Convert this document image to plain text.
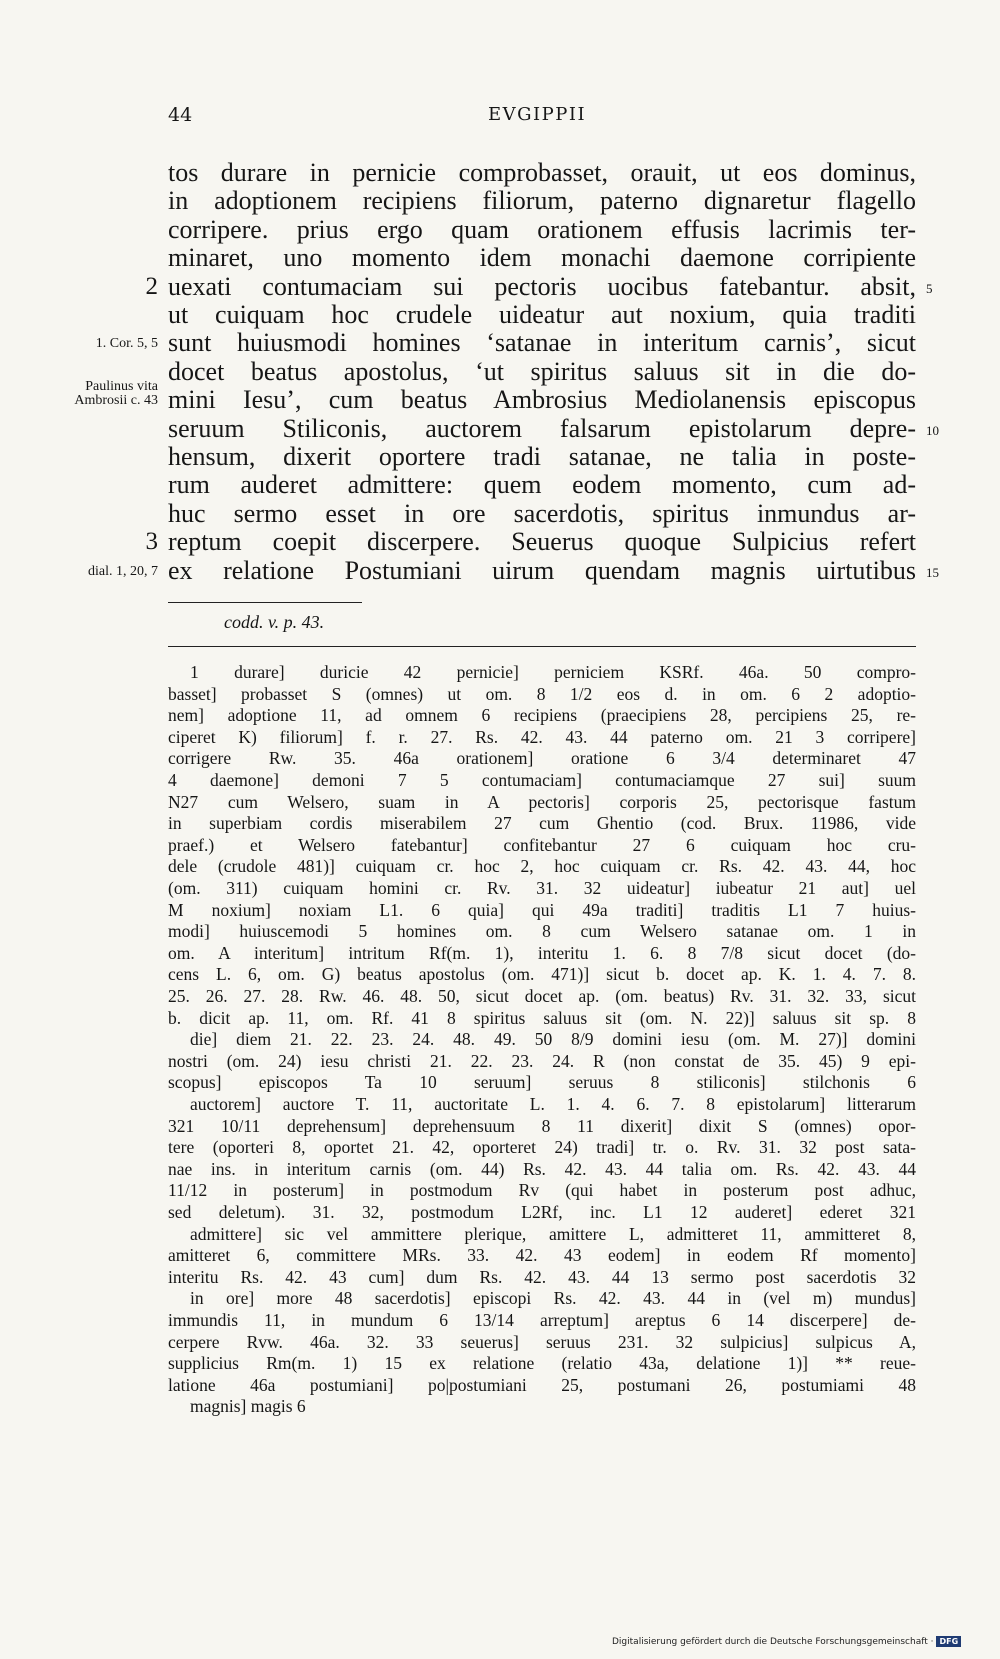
44	EVGIPPII
tos durare in pernicie comprobasset, orauit, ut eos dominus,
in adoptionem recipiens filiorum, paterno dignaretur flagello
corripere. prius ergo quam orationem effusis lacrimis ter-
minaret, uno momento idem monachi daemone corripiente
2 uexati contumaciam sui pectoris uocibus fatebantur. absit, 5
ut cuiquam hoc crudele uideatur aut noxium, quia traditi
1. Cor. 5, 5 sunt huiusmodi homines ‘satanae in interitum carnis’, sicut
docet beatus apostolus, ‘ut spiritus saluus sit in die do-
Paulinus vita
Ambrosii c. 43 mini Iesu’, cum beatus Ambrosius Mediolanensis episcopus
seruum Stiliconis, auctorem falsarum epistolarum depre- 10
hensum, dixerit oportere tradi satanae, ne talia in poste-
rum auderet admittere: quem eodem momento, cum ad-
huc sermo esset in ore sacerdotis, spiritus inmundus ar-
3 reptum coepit discerpere. Seuerus quoque Sulpicius refert
dial. 1, 20, 7 ex relatione Postumiani uirum quendam magnis uirtutibus 15
codd. v. p. 43.
1 durare] duricie 42 pernicie] perniciem KSRf. 46a. 50 compro-
basset] probasset S (omnes) ut om. 8 1/2 eos d. in om. 6 2 adoptio-
nem] adoptione 11, ad omnem 6 recipiens (praecipiens 28, percipiens 25, re-
ciperet K) filiorum] f. r. 27. Rs. 42. 43. 44 paterno om. 21 3 corripere]
corrigere Rw. 35. 46a orationem] oratione 6 3/4 determinaret 47
4 daemone] demoni 7 5 contumaciam] contumaciamque 27 sui] suum
N27 cum Welsero, suam in A pectoris] corporis 25, pectorisque fastum
in superbiam cordis miserabilem 27 cum Ghentio (cod. Brux. 11986, vide
praef.) et Welsero fatebantur] confitebantur 27 6 cuiquam hoc cru-
dele (crudole 481)] cuiquam cr. hoc 2, hoc cuiquam cr. Rs. 42. 43. 44, hoc
(om. 311) cuiquam homini cr. Rv. 31. 32 uideatur] iubeatur 21 aut] uel
M noxium] noxiam L1. 6 quia] qui 49a traditi] traditis L1 7 huius-
modi] huiuscemodi 5 homines om. 8 cum Welsero satanae om. 1 in
om. A interitum] intritum Rf(m. 1), interitu 1. 6. 8 7/8 sicut docet (do-
cens L. 6, om. G) beatus apostolus (om. 471)] sicut b. docet ap. K. 1. 4. 7. 8.
25. 26. 27. 28. Rw. 46. 48. 50, sicut docet ap. (om. beatus) Rv. 31. 32. 33, sicut
b. dicit ap. 11, om. Rf. 41 8 spiritus saluus sit (om. N. 22)] saluus sit sp. 8
die] diem 21. 22. 23. 24. 48. 49. 50 8/9 domini iesu (om. M. 27)] domini
nostri (om. 24) iesu christi 21. 22. 23. 24. R (non constat de 35. 45) 9 epi-
scopus] episcopos Ta 10 seruum] seruus 8 stiliconis] stilchonis 6
auctorem] auctore T. 11, auctoritate L. 1. 4. 6. 7. 8 epistolarum] litterarum
321 10/11 deprehensum] deprehensuum 8 11 dixerit] dixit S (omnes) opor-
tere (oporteri 8, oportet 21. 42, oporteret 24) tradi] tr. o. Rv. 31. 32 post sata-
nae ins. in interitum carnis (om. 44) Rs. 42. 43. 44 talia om. Rs. 42. 43. 44
11/12 in posterum] in postmodum Rv (qui habet in posterum post adhuc,
sed deletum). 31. 32, postmodum L2Rf, inc. L1 12 auderet] ederet 321
admittere] sic vel ammittere plerique, amittere L, admitteret 11, ammitteret 8,
amitteret 6, committere MRs. 33. 42. 43 eodem] in eodem Rf momento]
interitu Rs. 42. 43 cum] dum Rs. 42. 43. 44 13 sermo post sacerdotis 32
in ore] more 48 sacerdotis] episcopi Rs. 42. 43. 44 in (vel m) mundus]
immundis 11, in mundum 6 13/14 arreptum] areptus 6 14 discerpere] de-
cerpere Rvw. 46a. 32. 33 seuerus] seruus 231. 32 sulpicius] sulpicus A,
supplicius Rm(m. 1) 15 ex relatione (relatio 43a, delatione 1)] ** reue-
latione 46a postumiani] po|postumiani 25, postumani 26, postumiami 48
magnis] magis 6
Digitalisierung gefördert durch die Deutsche Forschungsgemeinschaft · DFG
